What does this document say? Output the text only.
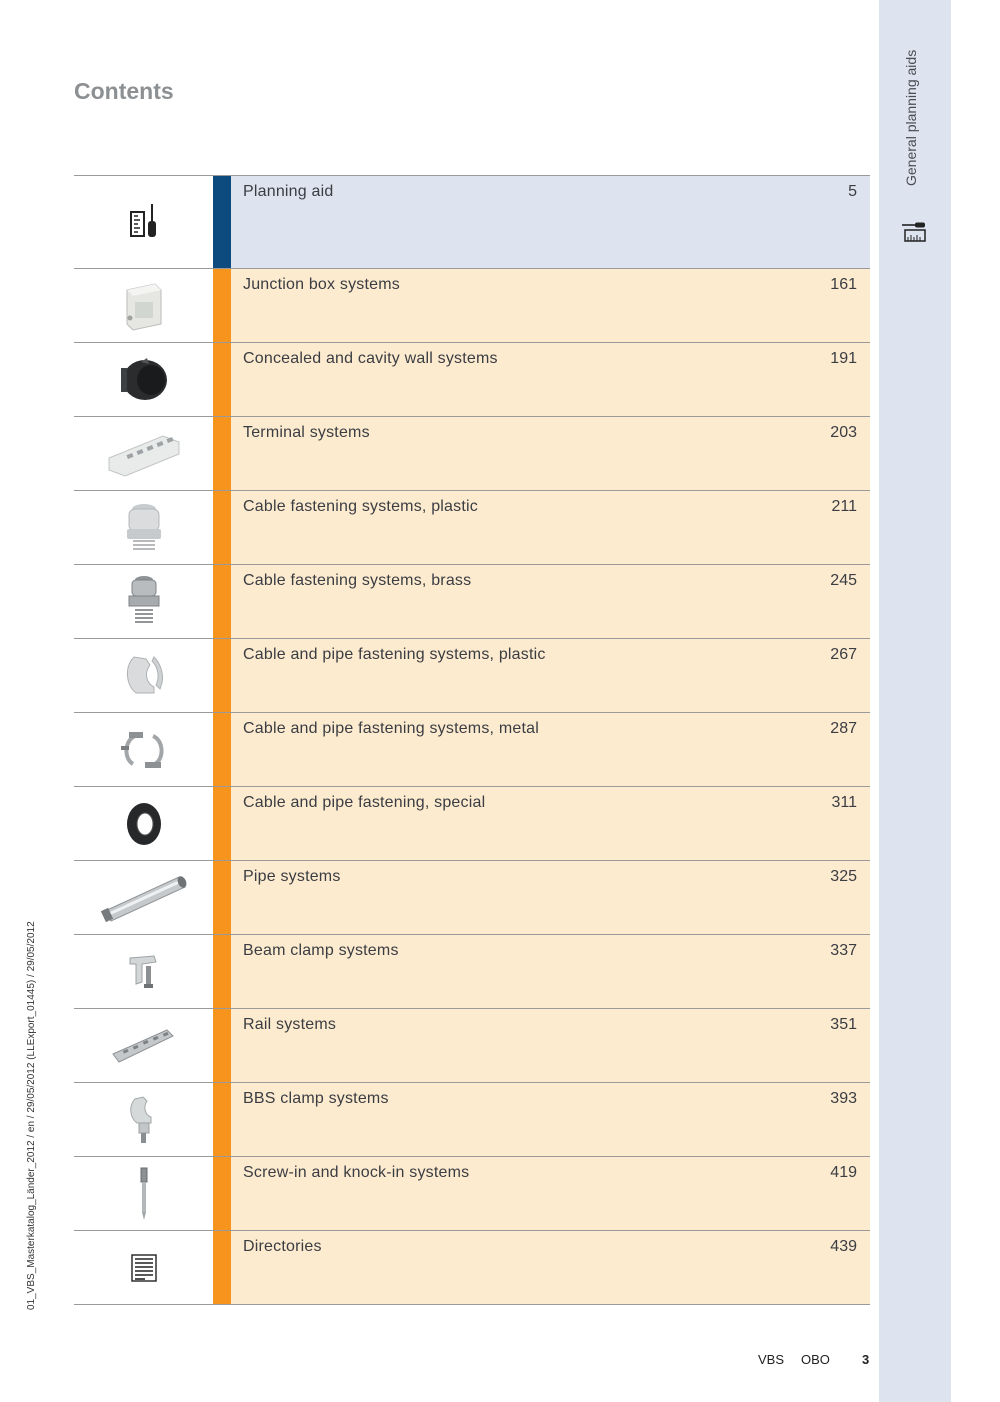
Contents	General planning aids
01_VBS_Masterkatalog_Länder_2012 / en / 29/05/2012 (LLExport_01445) / 29/05/2012
Planning aid	5
Junction box systems	161
Concealed and cavity wall systems	191
Terminal systems	203
Cable fastening systems, plastic	211
Cable fastening systems, brass	245
Cable and pipe fastening systems, plastic	267
Cable and pipe fastening systems, metal	287
Cable and pipe fastening, special	311
Pipe systems	325
Beam clamp systems	337
Rail systems	351
BBS clamp systems	393
Screw-in and knock-in systems	419
Directories	439
VBS OBO 3
